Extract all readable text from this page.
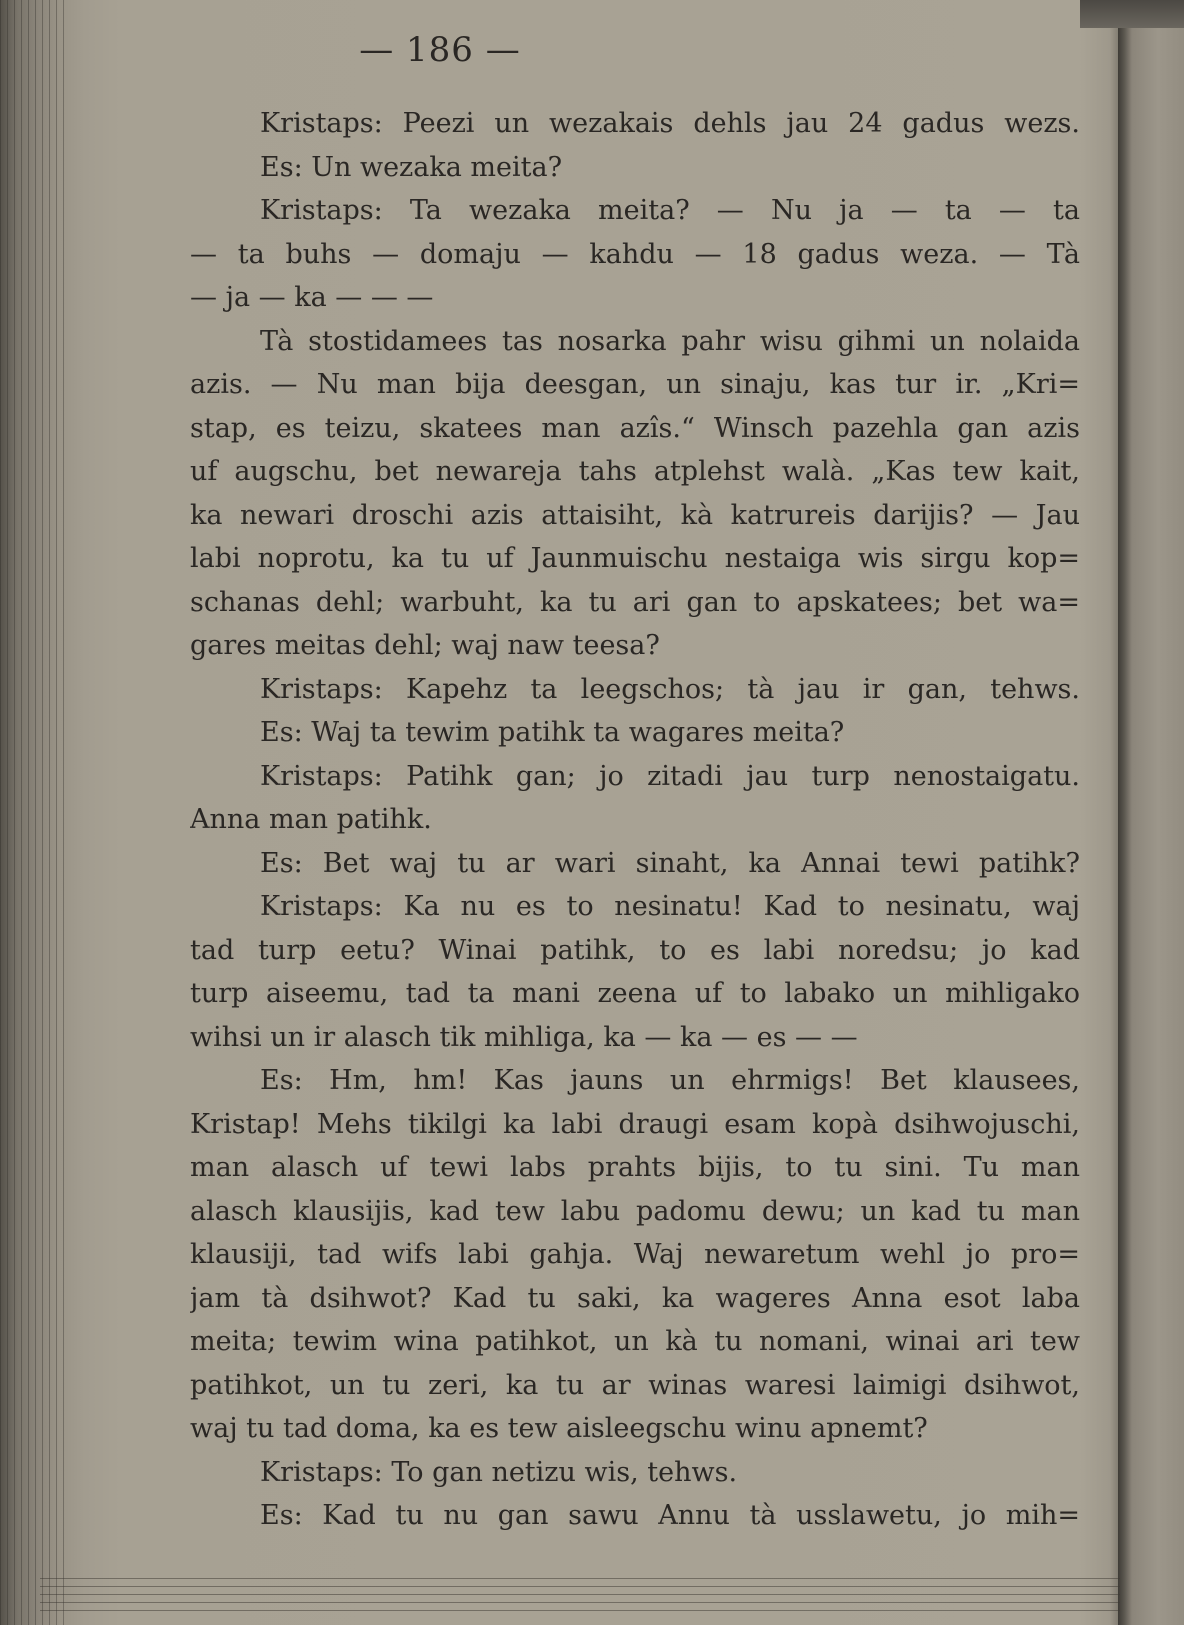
— 186 —
Kristaps: Peezi un wezakais dehls jau 24 gadus wezs.
Es: Un wezaka meita?
Kristaps: Ta wezaka meita? — Nu ja — ta — ta
— ta buhs — domaju — kahdu — 18 gadus weza. — Tà
— ja — ka — — —
Tà stostidamees tas nosarka pahr wisu gihmi un nolaida
azis. — Nu man bija deesgan, un sinaju, kas tur ir. „Kri=
stap, es teizu, skatees man azîs.“ Winsch pazehla gan azis
uf augschu, bet newareja tahs atplehst walà. „Kas tew kait,
ka newari droschi azis attaisiht, kà katrureis darijis? — Jau
labi noprotu, ka tu uf Jaunmuischu nestaiga wis sirgu kop=
schanas dehl; warbuht, ka tu ari gan to apskatees; bet wa=
gares meitas dehl; waj naw teesa?
Kristaps: Kapehz ta leegschos; tà jau ir gan, tehws.
Es: Waj ta tewim patihk ta wagares meita?
Kristaps: Patihk gan; jo zitadi jau turp nenostaigatu.
Anna man patihk.
Es: Bet waj tu ar wari sinaht, ka Annai tewi patihk?
Kristaps: Ka nu es to nesinatu! Kad to nesinatu, waj
tad turp eetu? Winai patihk, to es labi noredsu; jo kad
turp aiseemu, tad ta mani zeena uf to labako un mihligako
wihsi un ir alasch tik mihliga, ka — ka — es — —
Es: Hm, hm! Kas jauns un ehrmigs! Bet klausees,
Kristap! Mehs tikilgi ka labi draugi esam kopà dsihwojuschi,
man alasch uf tewi labs prahts bijis, to tu sini. Tu man
alasch klausijis, kad tew labu padomu dewu; un kad tu man
klausiji, tad wifs labi gahja. Waj newaretum wehl jo pro=
jam tà dsihwot? Kad tu saki, ka wageres Anna esot laba
meita; tewim wina patihkot, un kà tu nomani, winai ari tew
patihkot, un tu zeri, ka tu ar winas waresi laimigi dsihwot,
waj tu tad doma, ka es tew aisleegschu winu apnemt?
Kristaps: To gan netizu wis, tehws.
Es: Kad tu nu gan sawu Annu tà usslawetu, jo mih=
